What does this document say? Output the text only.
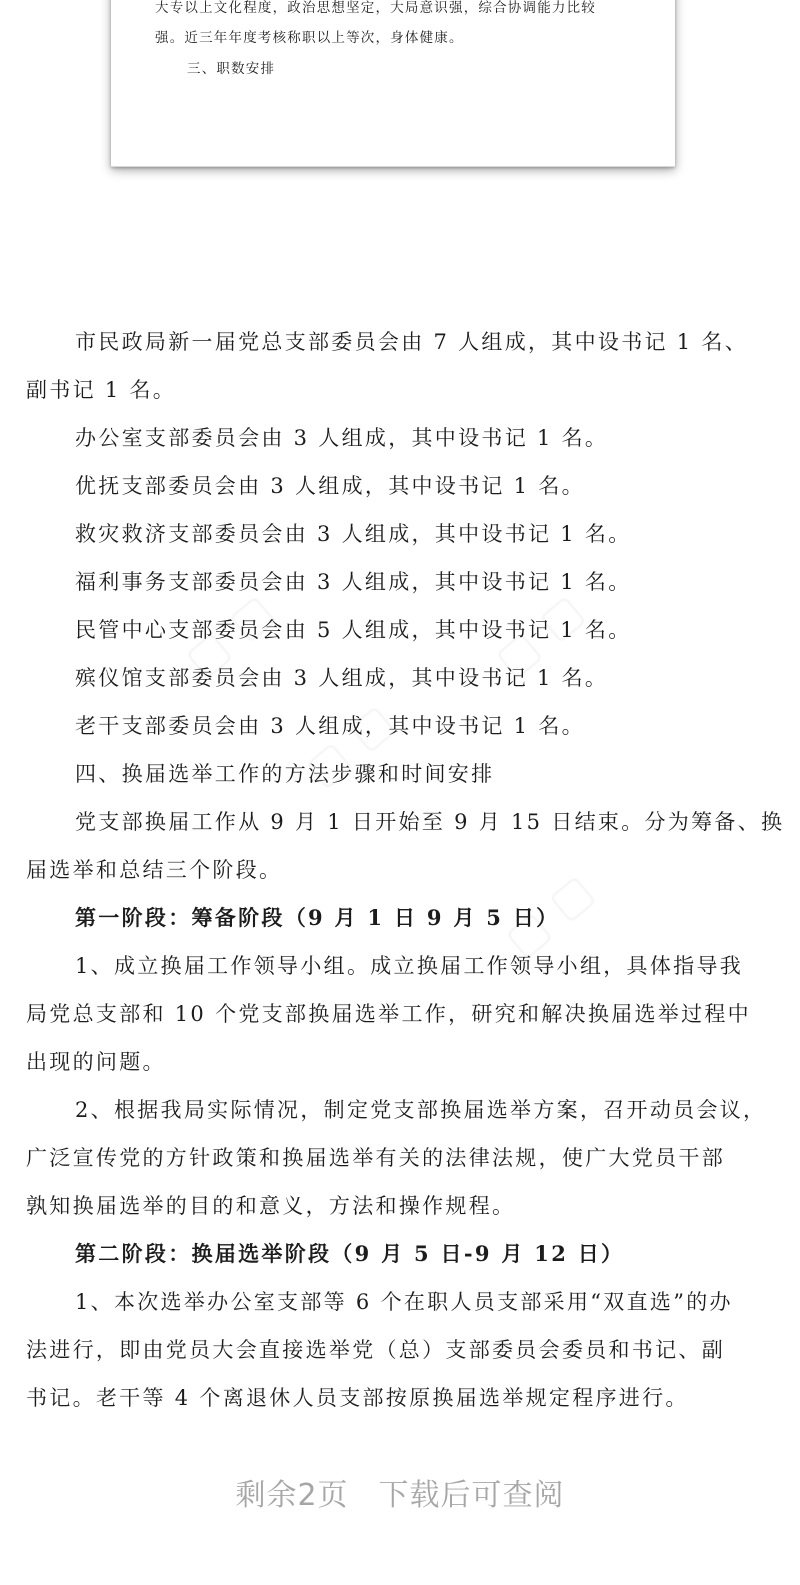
大专以上文化程度，政治思想坚定，大局意识强，综合协调能力比较
强。近三年年度考核称职以上等次，身体健康。
三、职数安排
▢ ▢	▢ ▢
▢ ▢
▢ ▢
市民政局新一届党总支部委员会由 7 人组成，其中设书记 1 名、
副书记 1 名。
办公室支部委员会由 3 人组成，其中设书记 1 名。
优抚支部委员会由 3 人组成，其中设书记 1 名。
救灾救济支部委员会由 3 人组成，其中设书记 1 名。
福利事务支部委员会由 3 人组成，其中设书记 1 名。
民管中心支部委员会由 5 人组成，其中设书记 1 名。
殡仪馆支部委员会由 3 人组成，其中设书记 1 名。
老干支部委员会由 3 人组成，其中设书记 1 名。
四、换届选举工作的方法步骤和时间安排
党支部换届工作从 9 月 1 日开始至 9 月 15 日结束。分为筹备、换
届选举和总结三个阶段。
第一阶段：筹备阶段（9 月 1 日 9 月 5 日）
1、成立换届工作领导小组。成立换届工作领导小组，具体指导我
局党总支部和 10 个党支部换届选举工作，研究和解决换届选举过程中
出现的问题。
2、根据我局实际情况，制定党支部换届选举方案，召开动员会议，
广泛宣传党的方针政策和换届选举有关的法律法规，使广大党员干部
孰知换届选举的目的和意义，方法和操作规程。
第二阶段：换届选举阶段（9 月 5 日-9 月 12 日）
1、本次选举办公室支部等 6 个在职人员支部采用“双直选”的办
法进行，即由党员大会直接选举党（总）支部委员会委员和书记、副
书记。老干等 4 个离退休人员支部按原换届选举规定程序进行。
剩余2页 下载后可查阅
